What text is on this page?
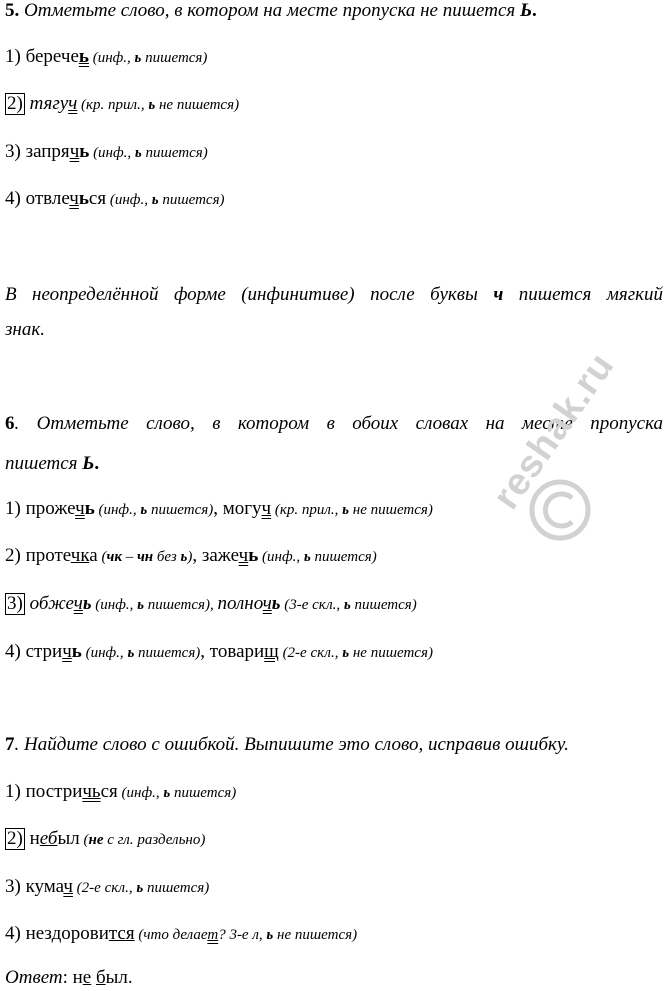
5. Отметьте слово, в котором на месте пропуска не пишется Ь.
1) беречеь (инф., ь пишется)
2) тягуч (кр. прил., ь не пишется)
3) запрячь (инф., ь пишется)
4) отвлечься (инф., ь пишется)
В неопределённой форме (инфинитиве) после буквы ч пишется мягкий
знак.
6. Отметьте слово, в котором в обоих словах на месте пропуска
пишется Ь.
1) прожечь (инф., ь пишется), могуч (кр. прил., ь не пишется)
2) протечка (чк – чн без ь), зажечь (инф., ь пишется)
3) обжечь (инф., ь пишется), полночь (3-е скл., ь пишется)
4) стричь (инф., ь пишется), товарищ (2-е скл., ь не пишется)
7. Найдите слово с ошибкой. Выпишите это слово, исправив ошибку.
1) постричься (инф., ь пишется)
2) небыл (не с гл. раздельно)
3) кумач (2-е скл., ь пишется)
4) нездоровится (что делает? 3-е л, ь не пишется)
Ответ: не был.
reshak.ru
